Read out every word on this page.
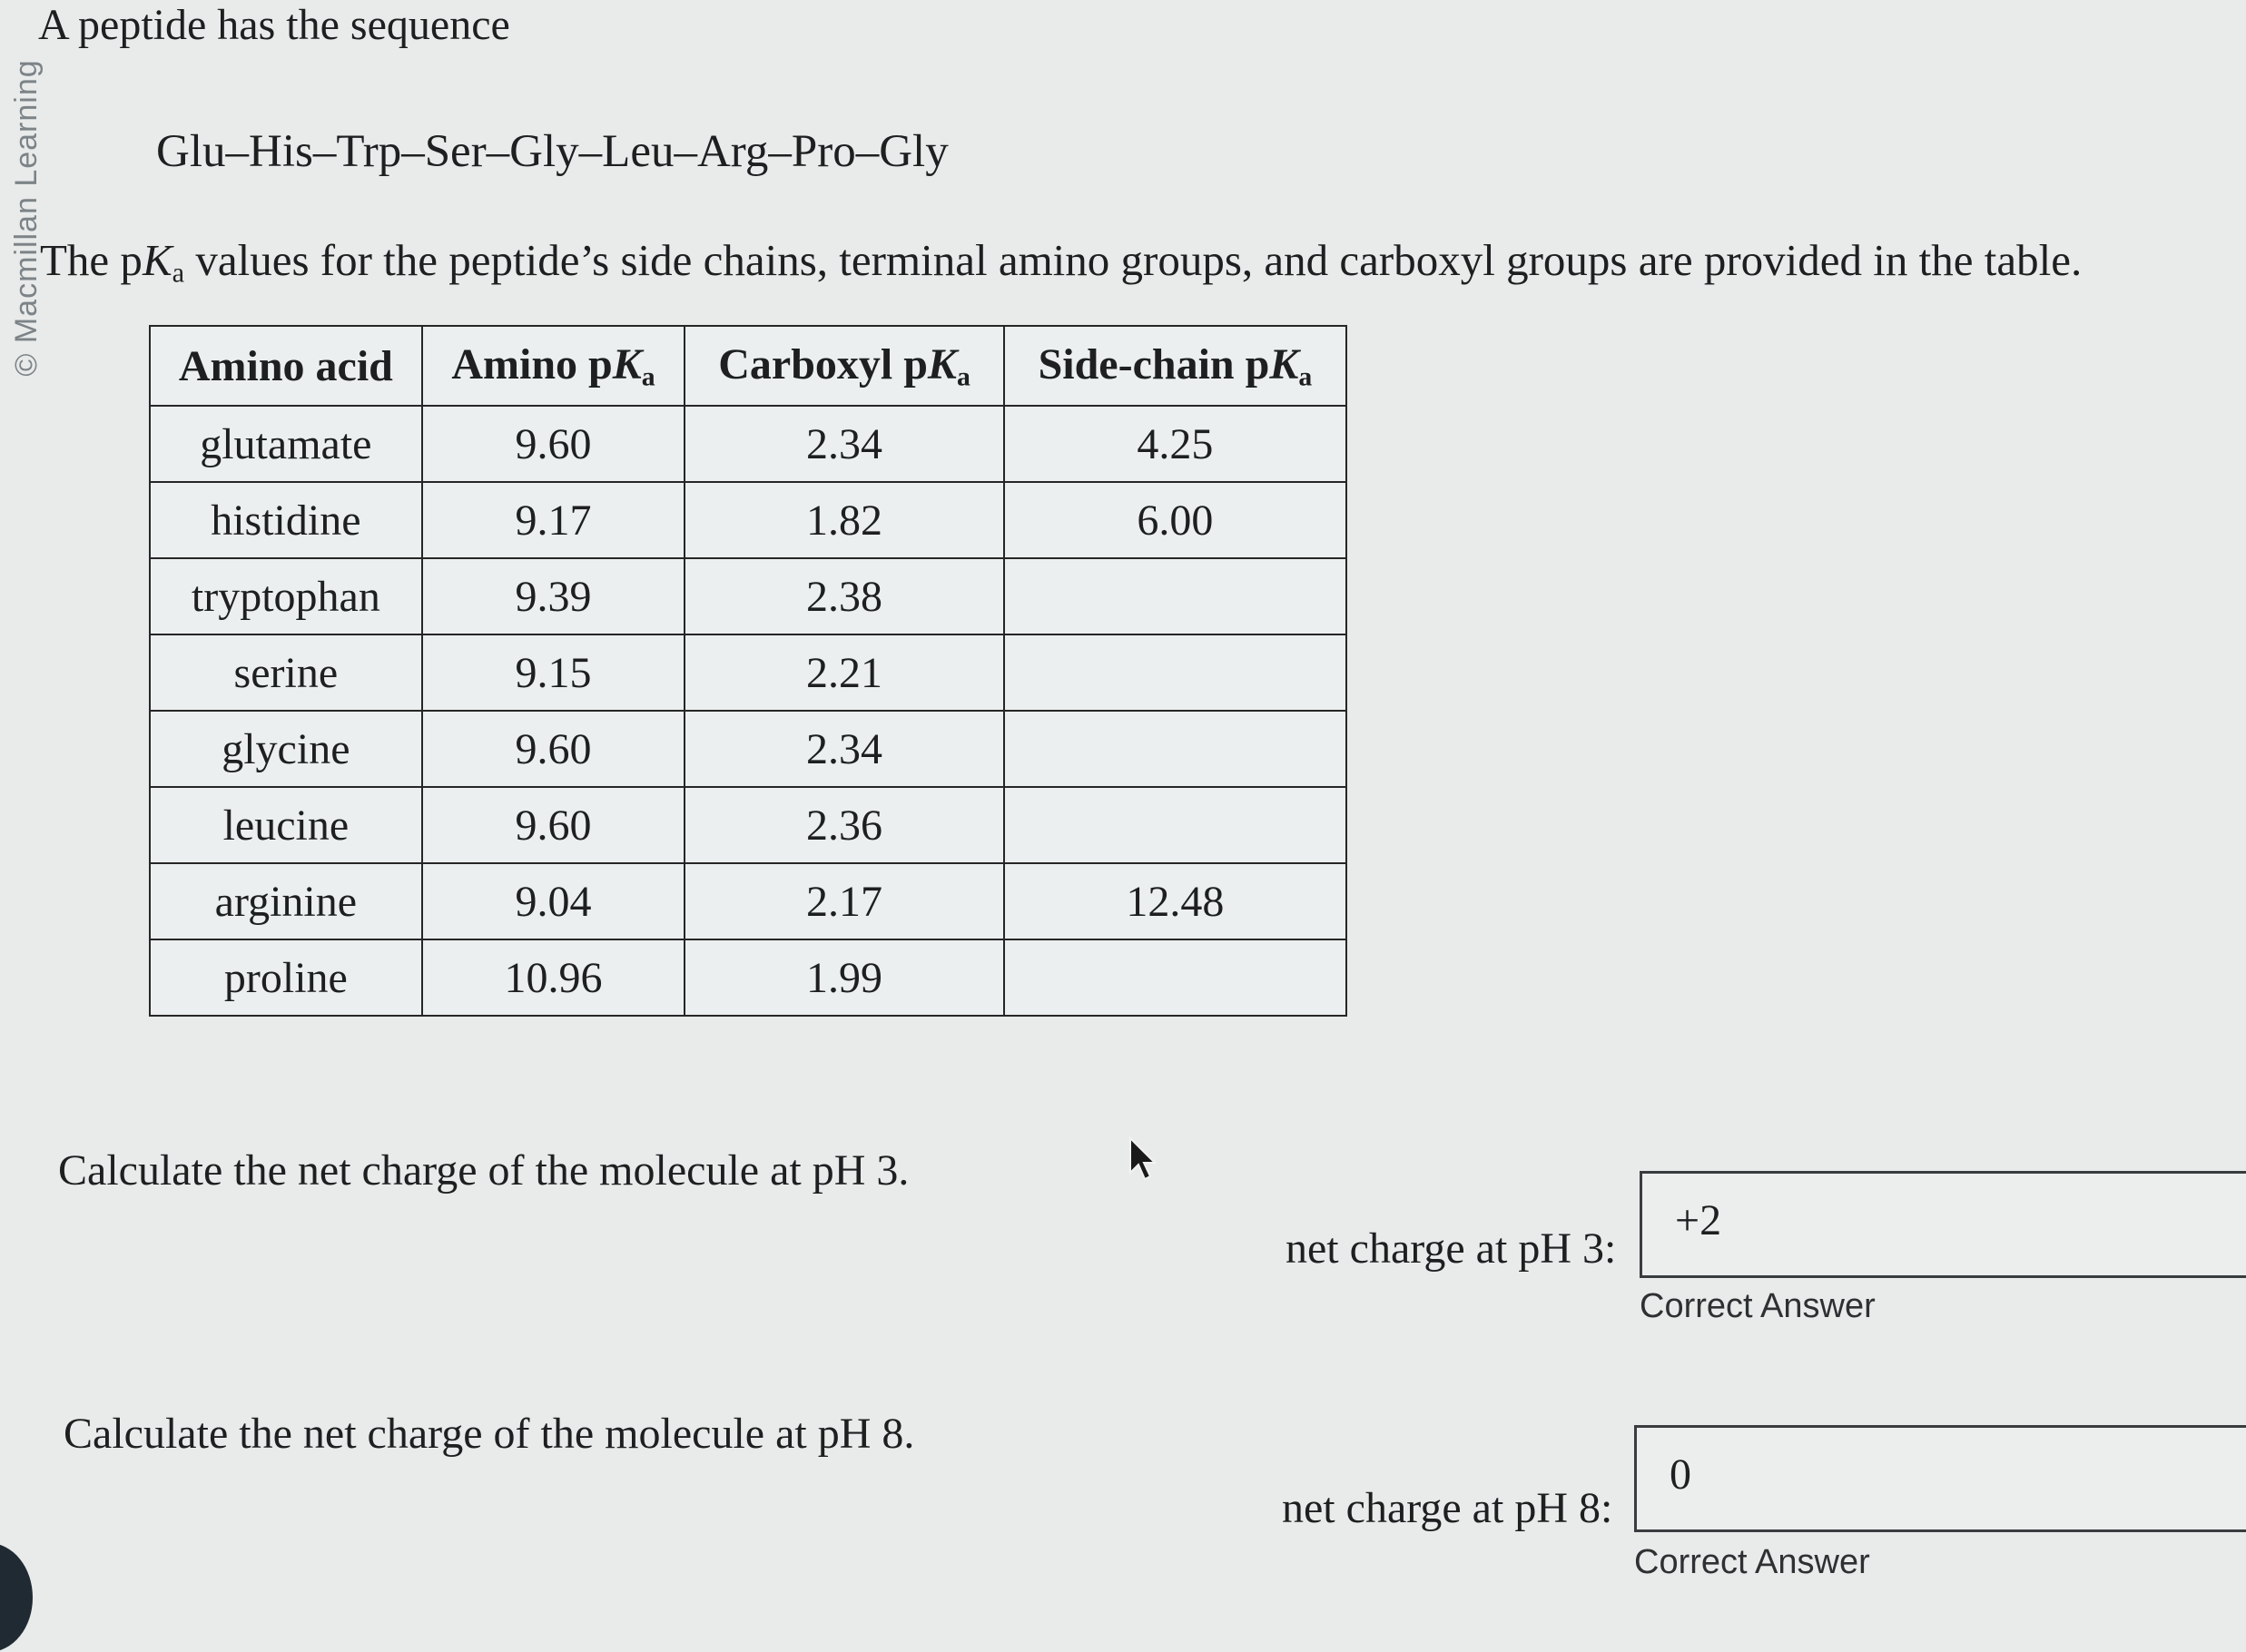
© Macmillan Learning
A peptide has the sequence
Glu–His–Trp–Ser–Gly–Leu–Arg–Pro–Gly
The $pK_a$ values for the peptide’s side chains, terminal amino groups, and carboxyl groups are provided in the table.
Amino acid	Amino $pK_a$	Carboxyl $pK_a$	Side-chain $pK_a$
glutamate	9.60	2.34	4.25
histidine	9.17	1.82	6.00
tryptophan	9.39	2.38	
serine	9.15	2.21	
glycine	9.60	2.34	
leucine	9.60	2.36	
arginine	9.04	2.17	12.48
proline	10.96	1.99	
Calculate the net charge of the molecule at pH 3.
net charge at pH 3:
+2
Correct Answer
Calculate the net charge of the molecule at pH 8.
net charge at pH 8:
0
Correct Answer
